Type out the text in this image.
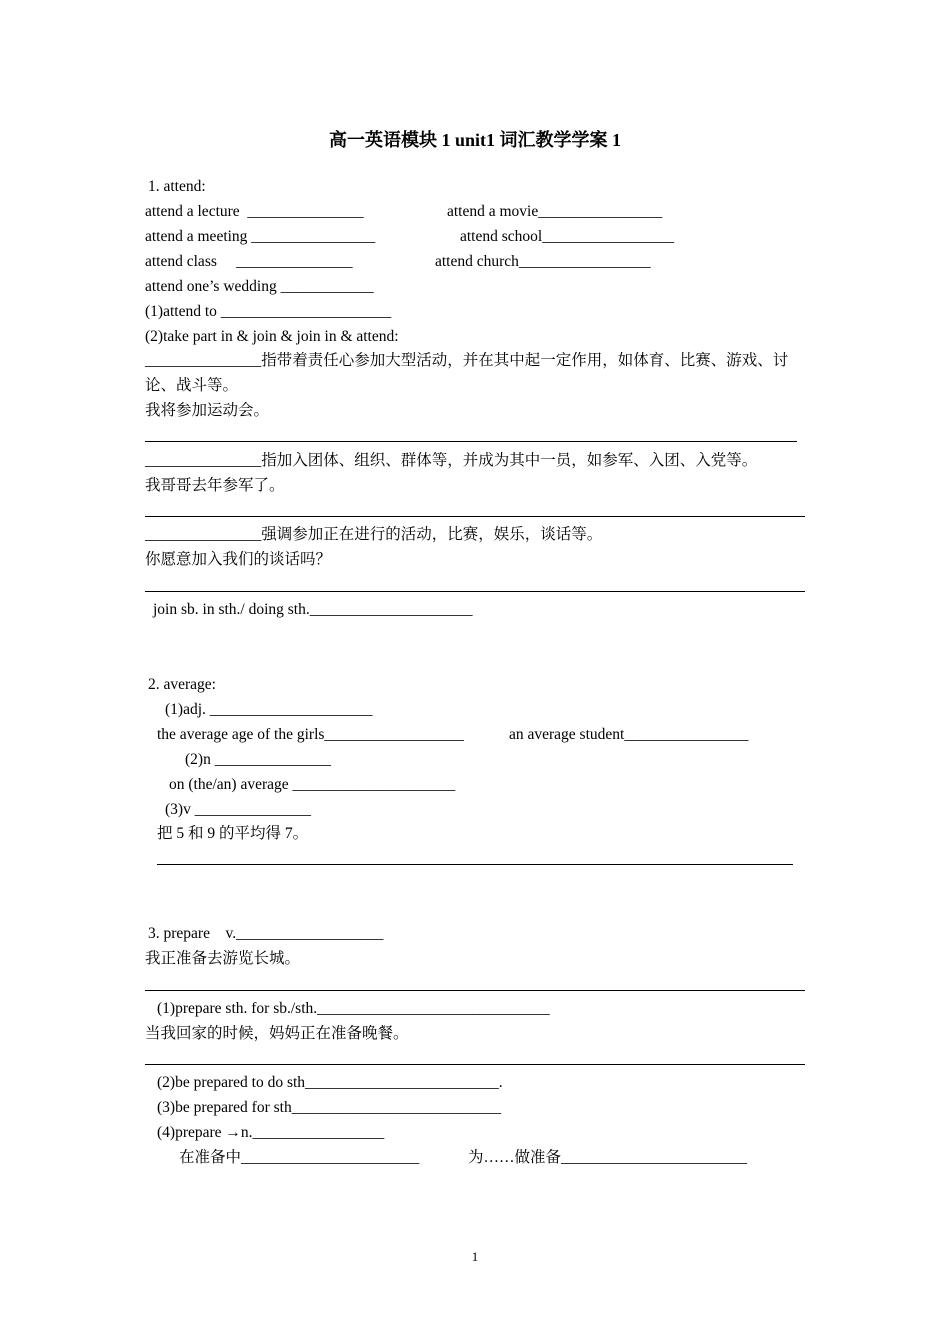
高一英语模块 1 unit1 词汇教学学案 1
1. attend:
attend a lecture  _______________	attend a movie________________
attend a meeting ________________	attend school_________________
attend class     _______________	attend church_________________
attend one’s wedding ____________
(1)attend to ______________________
(2)take part in & join & join in & attend:
_______________指带着责任心参加大型活动，并在其中起一定作用，如体育、比赛、游戏、讨
论、战斗等。
我将参加运动会。
_______________指加入团体、组织、群体等，并成为其中一员，如参军、入团、入党等。
我哥哥去年参军了。
_______________强调参加正在进行的活动，比赛，娱乐，谈话等。
你愿意加入我们的谈话吗？
join sb. in sth./ doing sth._____________________
2. average:
(1)adj. _____________________
the average age of the girls__________________	an average student________________
(2)n _______________
on (the/an) average _____________________
(3)v _______________
把 5 和 9 的平均得 7。
3. prepare    v.___________________
我正准备去游览长城。
(1)prepare sth. for sb./sth.______________________________
当我回家的时候，妈妈正在准备晚餐。
(2)be prepared to do sth_________________________.
(3)be prepared for sth___________________________
(4)prepare →n._________________
在准备中_______________________	为……做准备________________________
1
